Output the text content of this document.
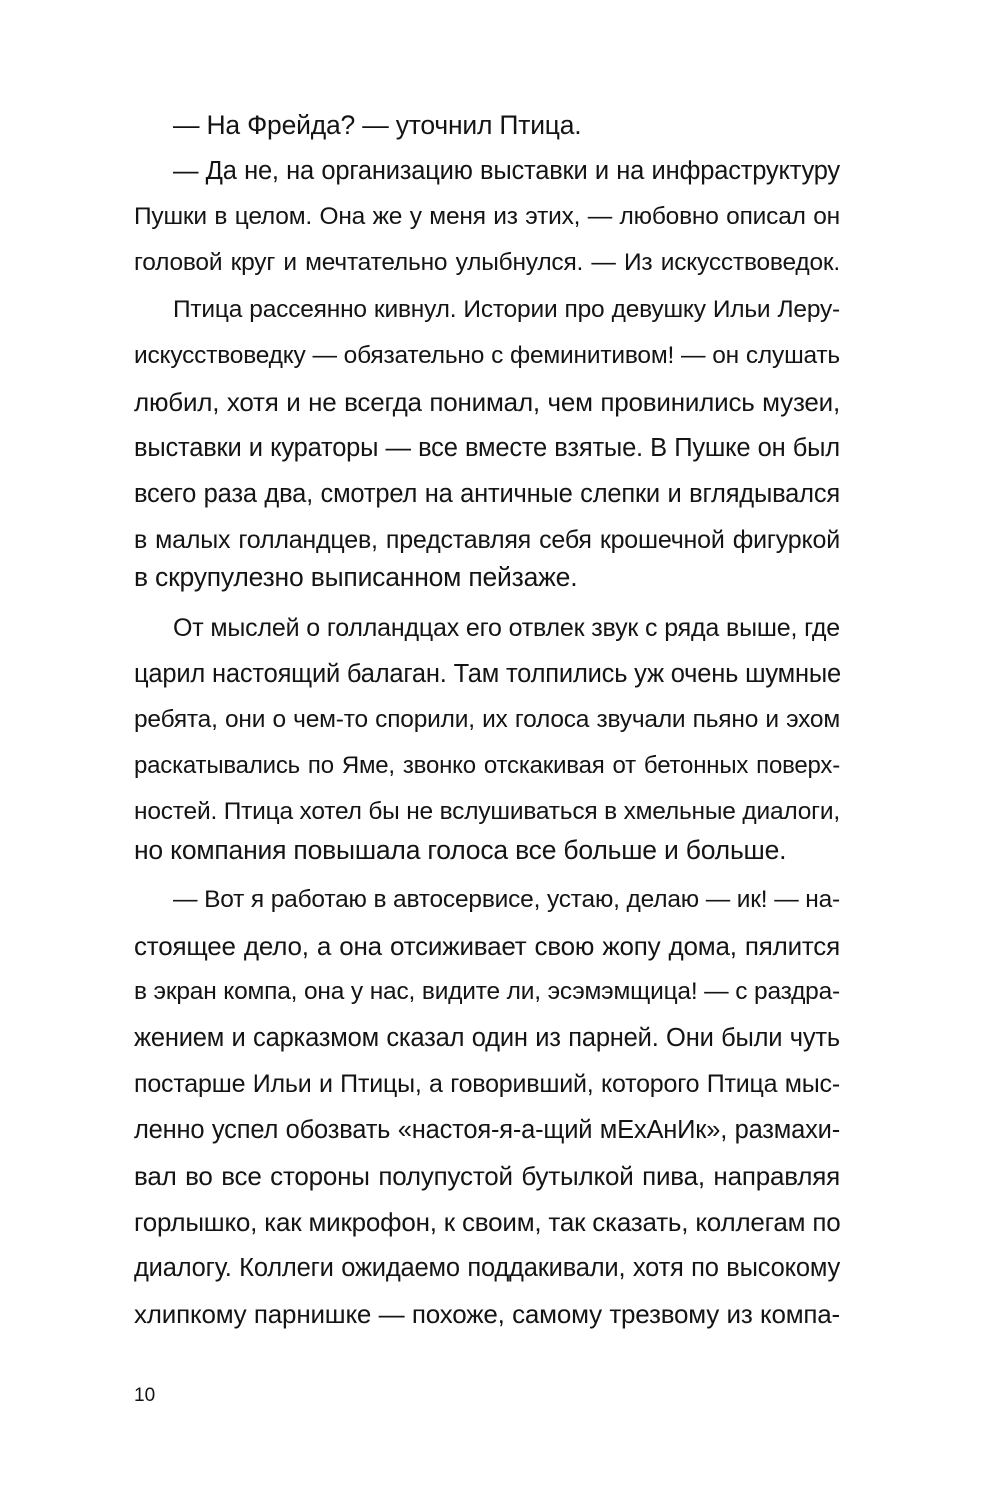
— На Фрейда? — уточнил Птица.
— Да не, на организацию выставки и на инфраструктуру
Пушки в целом. Она же у меня из этих, — любовно описал он
головой круг и мечтательно улыбнулся. — Из искусствоведок.
Птица рассеянно кивнул. Истории про девушку Ильи Леру-
искусствоведку — обязательно с феминитивом! — он слушать
любил, хотя и не всегда понимал, чем провинились музеи,
выставки и кураторы — все вместе взятые. В Пушке он был
всего раза два, смотрел на античные слепки и вглядывался
в малых голландцев, представляя себя крошечной фигуркой
в скрупулезно выписанном пейзаже.
От мыслей о голландцах его отвлек звук с ряда выше, где
царил настоящий балаган. Там толпились уж очень шумные
ребята, они о чем-то спорили, их голоса звучали пьяно и эхом
раскатывались по Яме, звонко отскакивая от бетонных поверх-
ностей. Птица хотел бы не вслушиваться в хмельные диалоги,
но компания повышала голоса все больше и больше.
— Вот я работаю в автосервисе, устаю, делаю — ик! — на-
стоящее дело, а она отсиживает свою жопу дома, пялится
в экран компа, она у нас, видите ли, эсэмэмщица! — с раздра-
жением и сарказмом сказал один из парней. Они были чуть
постарше Ильи и Птицы, а говоривший, которого Птица мыс-
ленно успел обозвать «настоя-я-а-щий мЕхАнИк», размахи-
вал во все стороны полупустой бутылкой пива, направляя
горлышко, как микрофон, к своим, так сказать, коллегам по
диалогу. Коллеги ожидаемо поддакивали, хотя по высокому
хлипкому парнишке — похоже, самому трезвому из компа-
10
